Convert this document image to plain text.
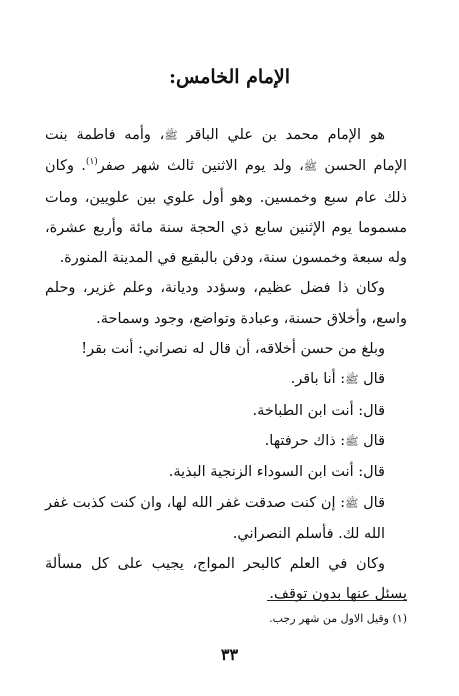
الإمام الخامس:

هو الإمام محمد بن علي الباقر ﷺ، وأمه فاطمة بنت الإمام الحسن ﷺ، ولد يوم الاثنين ثالث شهر صفر$^{(١)}$. وكان ذلك عام سبع وخمسين. وهو أول علوي بين علويين، ومات مسموما يوم الإثنين سابع ذي الحجة سنة مائة وأربع عشرة، وله سبعة وخمسون سنة، ودفن بالبقيع في المدينة المنورة.

وكان ذا فضل عظيم، وسؤدد وديانة، وعلم غزير، وحلم واسع، وأخلاق حسنة، وعبادة وتواضع، وجود وسماحة.

وبلغ من حسن أخلاقه، أن قال له نصراني: أنت بقر!

قال ﷺ: أنا باقر.

قال: أنت ابن الطباخة.

قال ﷺ: ذاك حرفتها.

قال: أنت ابن السوداء الزنجية البذية.

قال ﷺ: إن كنت صدقت غفر الله لها، وان كنت كذبت غفر الله لك. فأسلم النصراني.

وكان في العلم كالبحر المواج، يجيب على كل مسألة يسئل عنها بدون توقف.

(١) وقيل الاول من شهر رجب.
٣٣
